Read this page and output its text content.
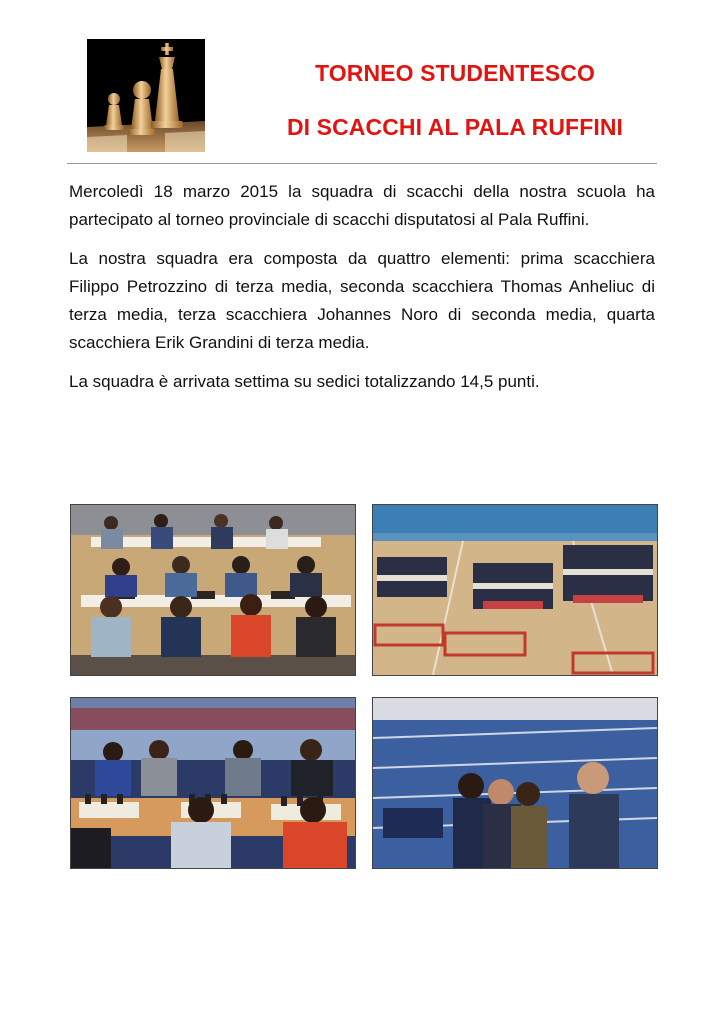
TORNEO STUDENTESCO
DI SCACCHI AL PALA RUFFINI

Mercoledì 18 marzo 2015 la squadra di scacchi della nostra scuola ha partecipato al torneo provinciale di scacchi disputatosi al Pala Ruffini.

La nostra squadra era composta da quattro elementi: prima scacchiera Filippo Petrozzino di terza media, seconda scacchiera Thomas Anheliuc di terza media, terza scacchiera Johannes Noro di seconda media, quarta scacchiera Erik Grandini di terza media.

La squadra è arrivata settima su sedici totalizzando 14,5 punti.
